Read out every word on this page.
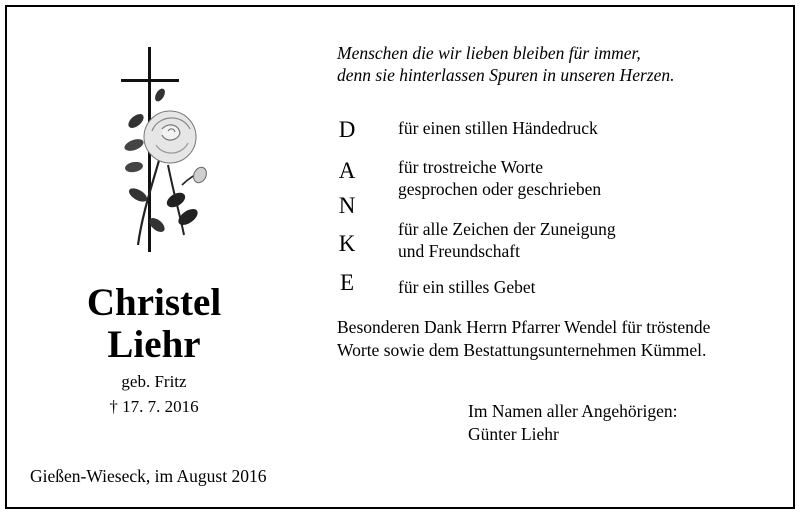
Menschen die wir lieben bleiben für immer,
denn sie hinterlassen Spuren in unseren Herzen.
D
A
N
K
E
für einen stillen Händedruck
für trostreiche Worte
gesprochen oder geschrieben
für alle Zeichen der Zuneigung
und Freundschaft
für ein stilles Gebet
Besonderen Dank Herrn Pfarrer Wendel für tröstende
Worte sowie dem Bestattungsunternehmen Kümmel.
Christel
Liehr
geb. Fritz
† 17. 7. 2016	Im Namen aller Angehörigen:
Günter Liehr
Gießen-Wieseck, im August 2016
